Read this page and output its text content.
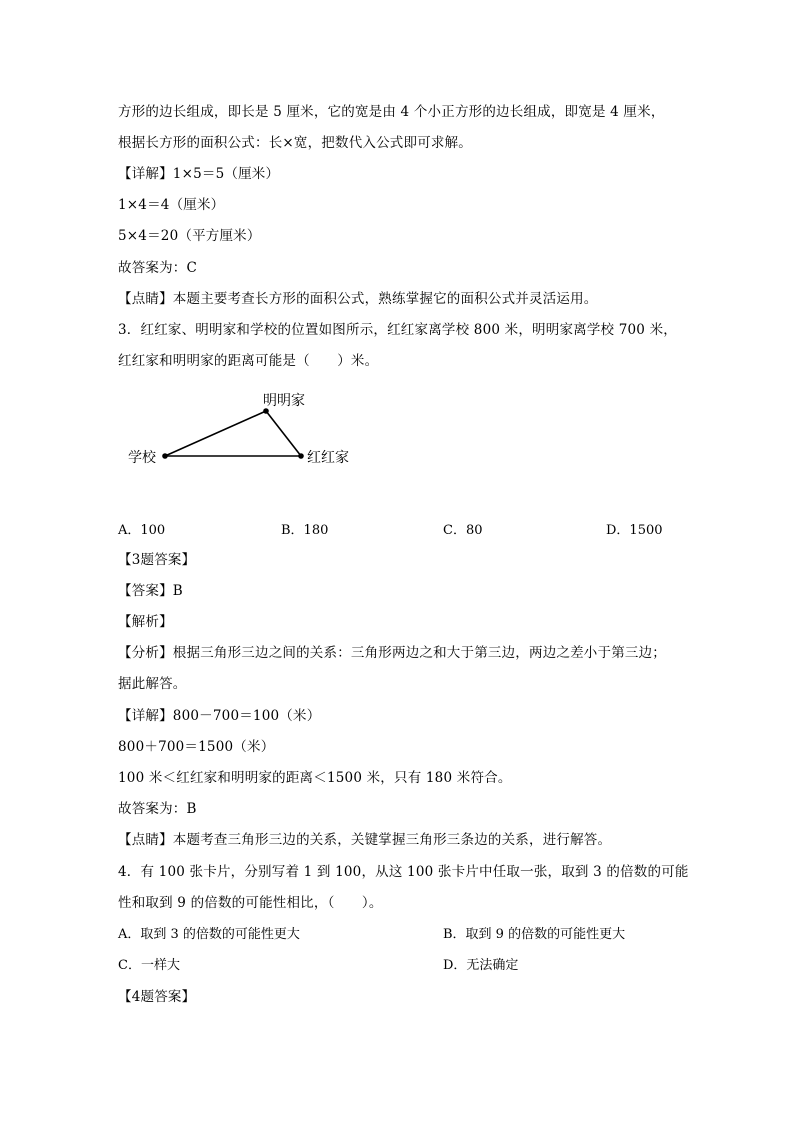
方形的边长组成，即长是 5 厘米，它的宽是由 4 个小正方形的边长组成，即宽是 4 厘米，
根据长方形的面积公式：长×宽，把数代入公式即可求解。
【详解】1×5＝5（厘米）
1×4＝4（厘米）
5×4＝20（平方厘米）
故答案为：C
【点睛】本题主要考查长方形的面积公式，熟练掌握它的面积公式并灵活运用。
3．红红家、明明家和学校的位置如图所示，红红家离学校 800 米，明明家离学校 700 米，
红红家和明明家的距离可能是（　　）米。
明明家
学校	红红家
A．100	B．180	C．80	D．1500
【3题答案】
【答案】B
【解析】
【分析】根据三角形三边之间的关系：三角形两边之和大于第三边，两边之差小于第三边；
据此解答。
【详解】800－700＝100（米）
800＋700＝1500（米）
100 米＜红红家和明明家的距离＜1500 米，只有 180 米符合。
故答案为：B
【点睛】本题考查三角形三边的关系，关键掌握三角形三条边的关系，进行解答。
4．有 100 张卡片，分别写着 1 到 100，从这 100 张卡片中任取一张，取到 3 的倍数的可能
性和取到 9 的倍数的可能性相比，（　　）。
A．取到 3 的倍数的可能性更大	B．取到 9 的倍数的可能性更大
C．一样大	D．无法确定
【4题答案】
